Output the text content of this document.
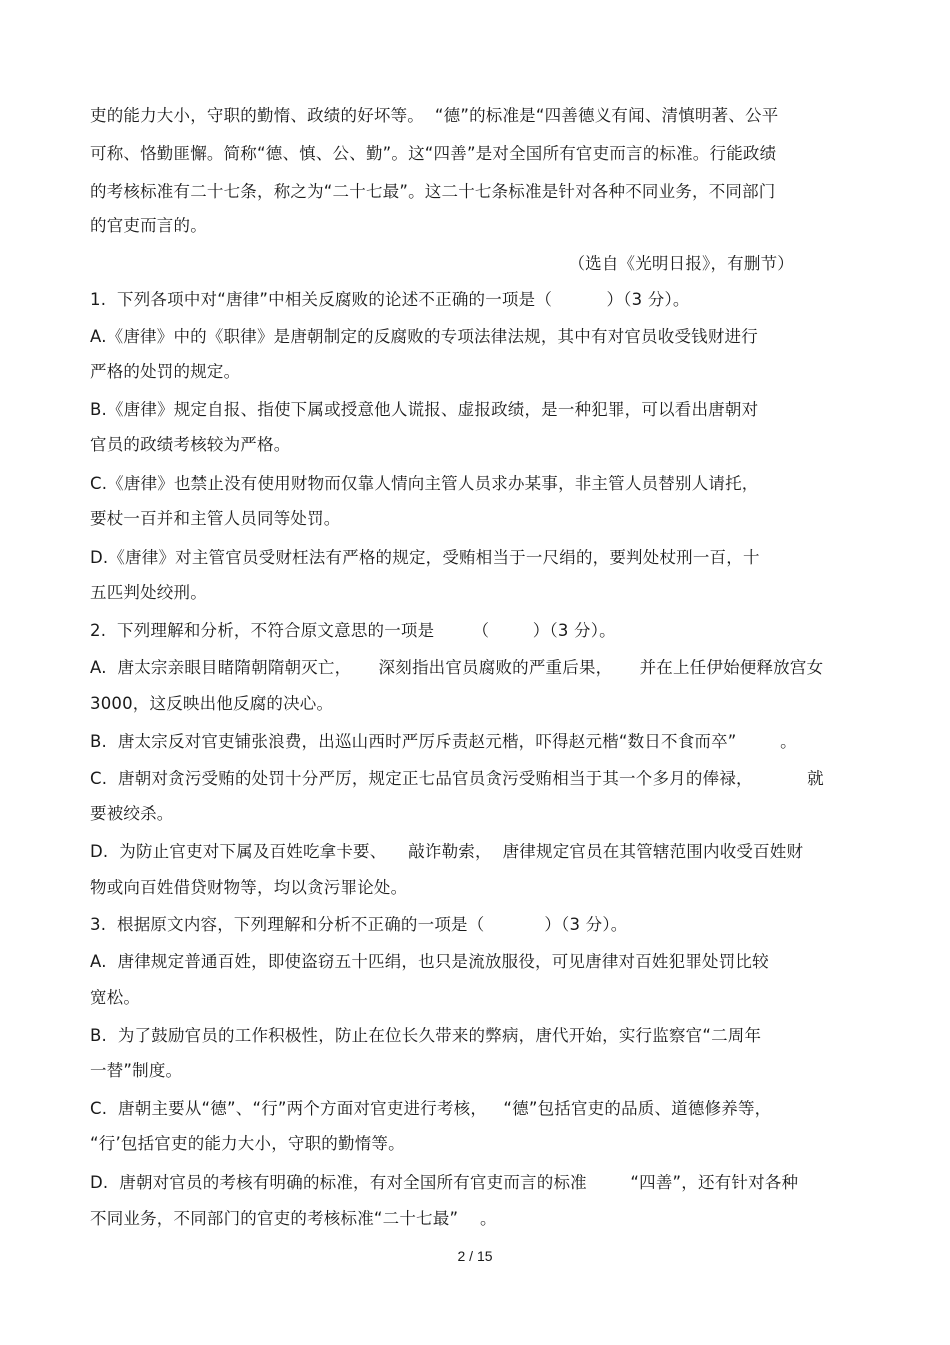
吏的能力大小，守职的勤惰、政绩的好坏等。  “德”的标准是“四善德义有闻、清慎明著、公平
可称、恪勤匪懈。简称“德、慎、公、勤”。这“四善”是对全国所有官吏而言的标准。行能政绩
的考核标准有二十七条，称之为“二十七最”。这二十七条标准是针对各种不同业务，不同部门
的官吏而言的。
（选自《光明日报》，有删节）
1.  下列各项中对“唐律”中相关反腐败的论述不正确的一项是（          ）（3 分）。
A.《唐律》中的《职律》是唐朝制定的反腐败的专项法律法规，其中有对官员收受钱财进行
严格的处罚的规定。
B.《唐律》规定自报、指使下属或授意他人谎报、虚报政绩，是一种犯罪，可以看出唐朝对
官员的政绩考核较为严格。
C.《唐律》也禁止没有使用财物而仅靠人情向主管人员求办某事，非主管人员替别人请托，
要杖一百并和主管人员同等处罚。
D.《唐律》对主管官员受财枉法有严格的规定，受贿相当于一尺绢的，要判处杖刑一百，十
五匹判处绞刑。
2.  下列理解和分析，不符合原文意思的一项是       （        ）（3 分）。
A.  唐太宗亲眼目睹隋朝隋朝灭亡，     深刻指出官员腐败的严重后果，     并在上任伊始便释放宫女
3000，这反映出他反腐的决心。
B.  唐太宗反对官吏铺张浪费，出巡山西时严厉斥责赵元楷，吓得赵元楷“数日不食而卒”        。
C.  唐朝对贪污受贿的处罚十分严厉，规定正七品官员贪污受贿相当于其一个多月的俸禄，          就
要被绞杀。
D.  为防止官吏对下属及百姓吃拿卡要、    敲诈勒索，  唐律规定官员在其管辖范围内收受百姓财
物或向百姓借贷财物等，均以贪污罪论处。
3.  根据原文内容，下列理解和分析不正确的一项是（           ）（3 分）。
A.  唐律规定普通百姓，即使盗窃五十匹绢，也只是流放服役，可见唐律对百姓犯罪处罚比较
宽松。
B.  为了鼓励官员的工作积极性，防止在位长久带来的弊病，唐代开始，实行监察官“二周年
一替”制度。
C.  唐朝主要从“德”、“行”两个方面对官吏进行考核，   “德”包括官吏的品质、道德修养等，
“行’包括官吏的能力大小，守职的勤惰等。
D.  唐朝对官员的考核有明确的标准，有对全国所有官吏而言的标准        “四善”，还有针对各种
不同业务，不同部门的官吏的考核标准“二十七最”    。
2 / 15
